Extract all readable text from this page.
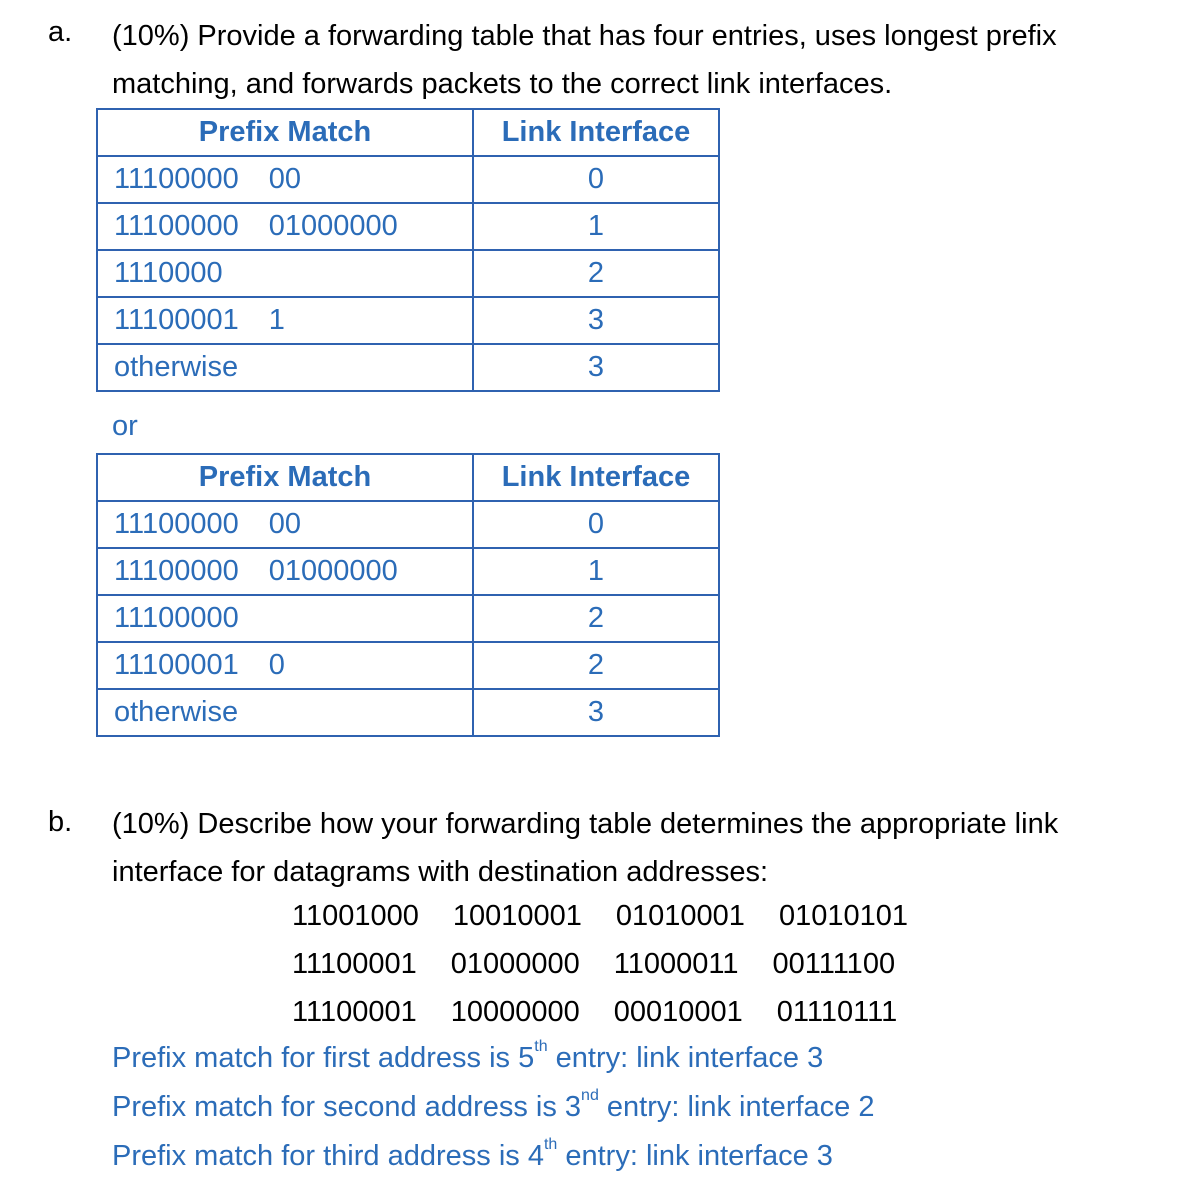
a. (10%) Provide a forwarding table that has four entries, uses longest prefix
matching, and forwards packets to the correct link interfaces.
Prefix Match	Link Interface
11100000 00	0
11100000 01000000	1
1110000	2
11100001 1	3
otherwise	3
or
Prefix Match	Link Interface
11100000 00	0
11100000 01000000	1
11100000	2
11100001 0	2
otherwise	3
b. (10%) Describe how your forwarding table determines the appropriate link
interface for datagrams with destination addresses:
11001000 10010001 01010001 01010101
11100001 01000000 11000011 00111100
11100001 10000000 00010001 01110111
Prefix match for first address is 5th entry: link interface 3
Prefix match for second address is 3nd entry: link interface 2
Prefix match for third address is 4th entry: link interface 3
